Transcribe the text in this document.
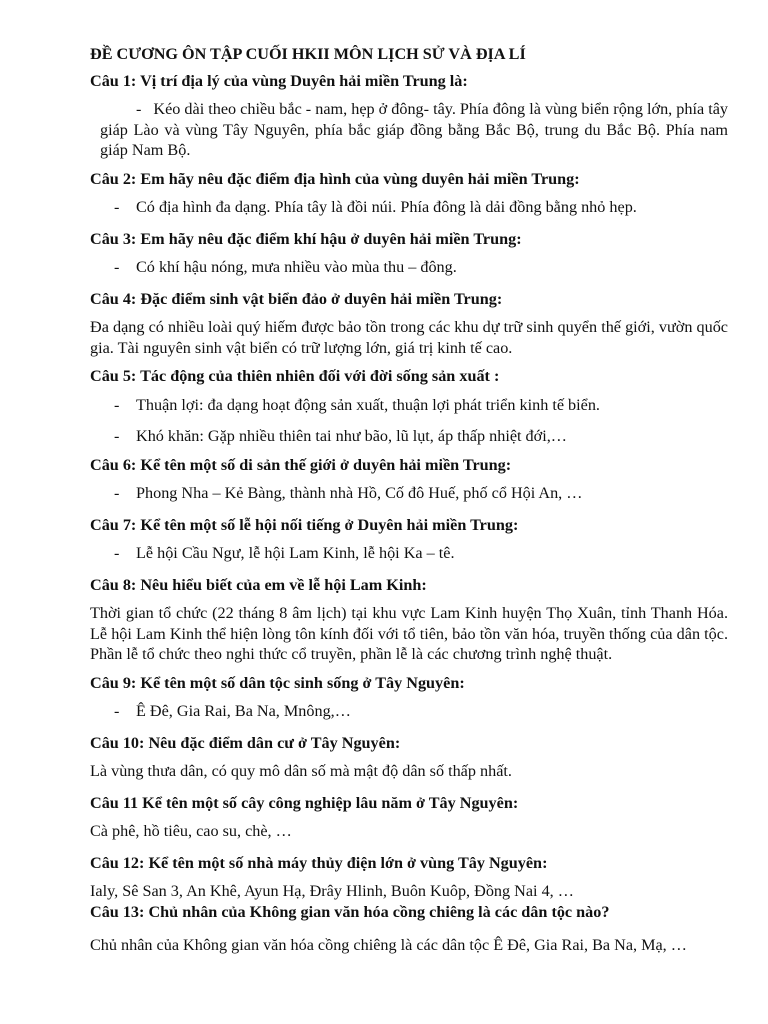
ĐỀ CƯƠNG ÔN TẬP CUỐI HKII MÔN LỊCH SỬ VÀ ĐỊA LÍ
Câu 1: Vị trí địa lý của vùng Duyên hải miền Trung là:
- Kéo dài theo chiều bắc - nam, hẹp ở đông- tây. Phía đông là vùng biển rộng lớn, phía tây giáp Lào và vùng Tây Nguyên, phía bắc giáp đồng bằng Bắc Bộ, trung du Bắc Bộ. Phía nam giáp Nam Bộ.
Câu 2: Em hãy nêu đặc điểm địa hình của vùng duyên hải miền Trung:
- Có địa hình đa dạng. Phía tây là đồi núi. Phía đông là dải đồng bằng nhỏ hẹp.
Câu 3: Em hãy nêu đặc điểm khí hậu ở duyên hải miền Trung:
- Có khí hậu nóng, mưa nhiều vào mùa thu – đông.
Câu 4: Đặc điểm sinh vật biển đảo ở duyên hải miền Trung:
Đa dạng có nhiều loài quý hiếm được bảo tồn trong các khu dự trữ sinh quyển thế giới, vườn quốc gia. Tài nguyên sinh vật biển có trữ lượng lớn, giá trị kinh tế cao.
Câu 5: Tác động của thiên nhiên đối với đời sống sản xuất :
- Thuận lợi: đa dạng hoạt động sản xuất, thuận lợi phát triển kinh tế biển.
- Khó khăn: Gặp nhiều thiên tai như bão, lũ lụt, áp thấp nhiệt đới,…
Câu 6: Kể tên một số di sản thế giới ở duyên hải miền Trung:
- Phong Nha – Kẻ Bàng, thành nhà Hồ, Cố đô Huế, phố cổ Hội An, …
Câu 7: Kể tên một số lễ hội nối tiếng ở Duyên hải miền Trung:
- Lễ hội Cầu Ngư, lễ hội Lam Kinh, lễ hội Ka – tê.
Câu 8: Nêu hiểu biết của em về lễ hội Lam Kinh:
Thời gian tổ chức (22 tháng 8 âm lịch) tại khu vực Lam Kinh huyện Thọ Xuân, tỉnh Thanh Hóa. Lễ hội Lam Kinh thể hiện lòng tôn kính đối với tổ tiên, bảo tồn văn hóa, truyền thống của dân tộc. Phần lễ tổ chức theo nghi thức cổ truyền, phần lễ là các chương trình nghệ thuật.
Câu 9: Kể tên một số dân tộc sinh sống ở Tây Nguyên:
- Ê Đê, Gia Rai, Ba Na, Mnông,…
Câu 10: Nêu đặc điểm dân cư ở Tây Nguyên:
Là vùng thưa dân, có quy mô dân số mà mật độ dân số thấp nhất.
Câu 11 Kể tên một số cây công nghiệp lâu năm ở Tây Nguyên:
Cà phê, hồ tiêu, cao su, chè, …
Câu 12: Kể tên một số nhà máy thủy điện lớn ở vùng Tây Nguyên:
Ialy, Sê San 3, An Khê, Ayun Hạ, Đrây Hlinh, Buôn Kuôp, Đồng Nai 4, …
Câu 13: Chủ nhân của Không gian văn hóa cồng chiêng là các dân tộc nào?
Chủ nhân của Không gian văn hóa cồng chiêng là các dân tộc Ê Đê, Gia Rai, Ba Na, Mạ, …
